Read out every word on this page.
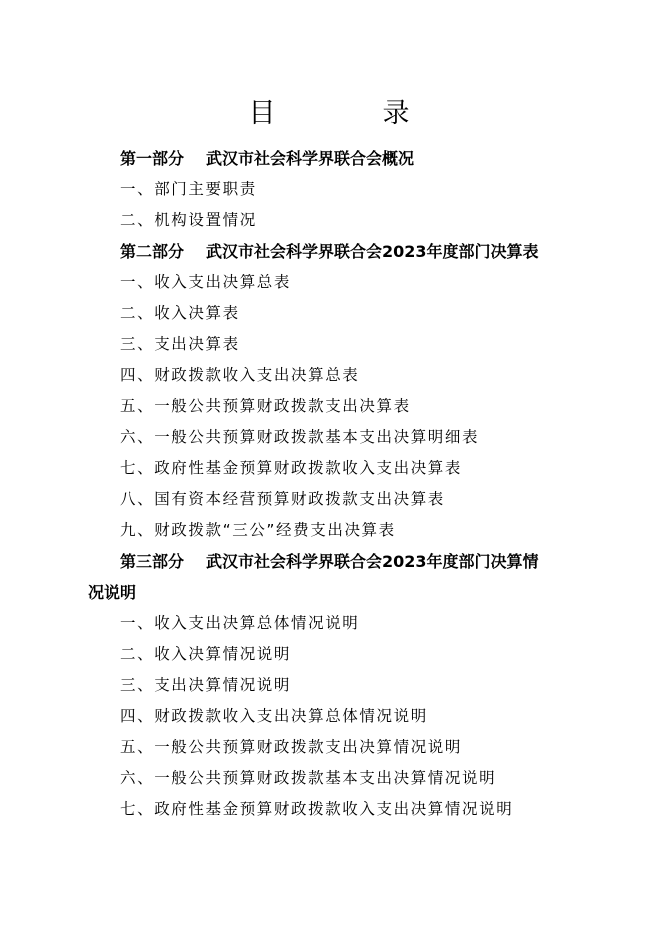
目　录
第一部分 武汉市社会科学界联合会概况
一、部门主要职责
二、机构设置情况
第二部分 武汉市社会科学界联合会2023年度部门决算表
一、收入支出决算总表
二、收入决算表
三、支出决算表
四、财政拨款收入支出决算总表
五、一般公共预算财政拨款支出决算表
六、一般公共预算财政拨款基本支出决算明细表
七、政府性基金预算财政拨款收入支出决算表
八、国有资本经营预算财政拨款支出决算表
九、财政拨款“三公”经费支出决算表
第三部分 武汉市社会科学界联合会2023年度部门决算情
况说明
一、收入支出决算总体情况说明
二、收入决算情况说明
三、支出决算情况说明
四、财政拨款收入支出决算总体情况说明
五、一般公共预算财政拨款支出决算情况说明
六、一般公共预算财政拨款基本支出决算情况说明
七、政府性基金预算财政拨款收入支出决算情况说明
